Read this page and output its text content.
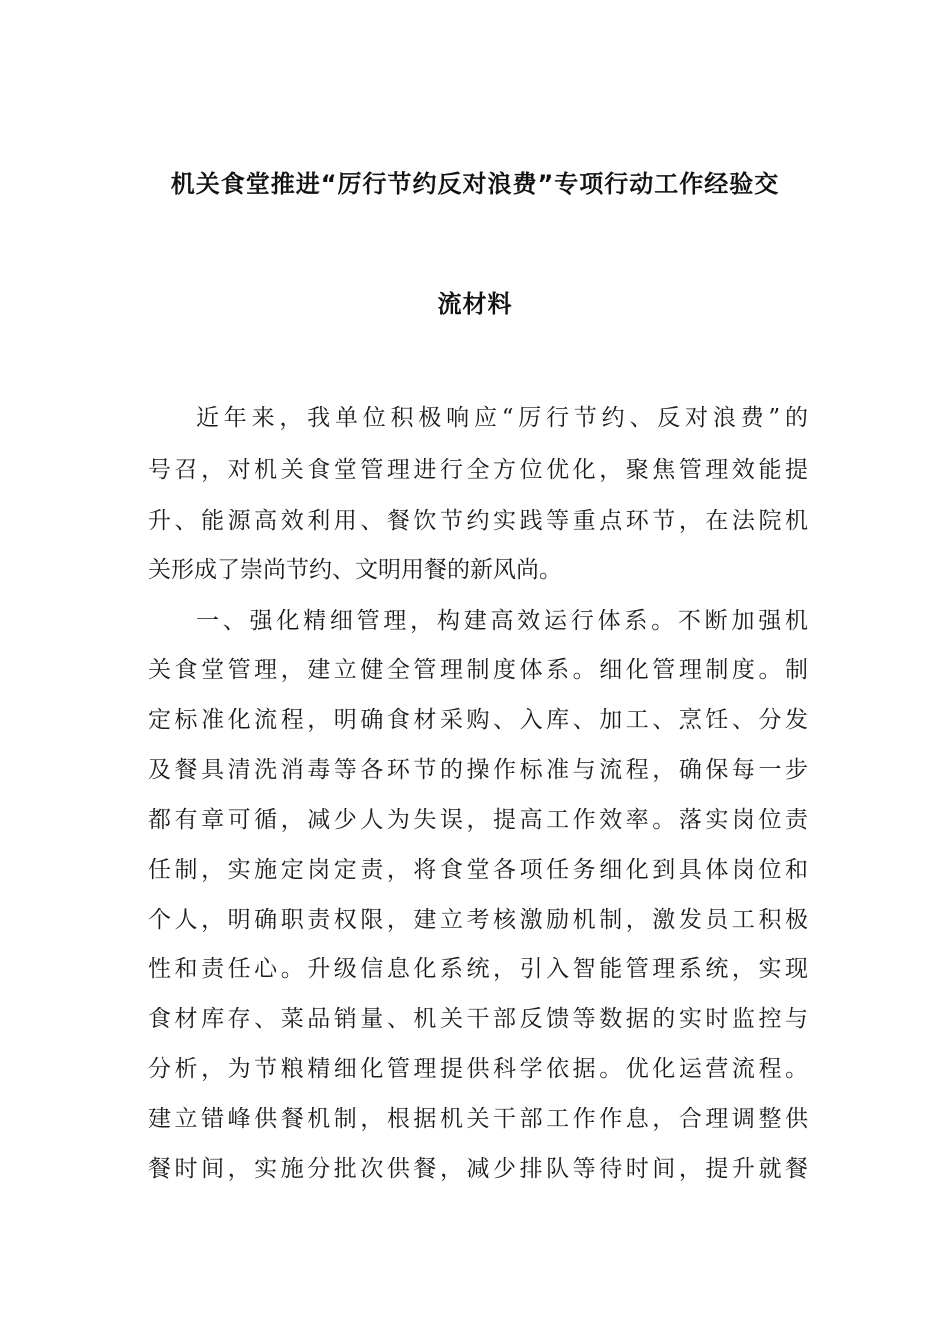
机关食堂推进“厉行节约反对浪费”专项行动工作经验交
流材料
近年来，我单位积极响应“厉行节约、反对浪费”的
号召，对机关食堂管理进行全方位优化，聚焦管理效能提
升、能源高效利用、餐饮节约实践等重点环节，在法院机
关形成了崇尚节约、文明用餐的新风尚。
一、强化精细管理，构建高效运行体系。不断加强机
关食堂管理，建立健全管理制度体系。细化管理制度。制
定标准化流程，明确食材采购、入库、加工、烹饪、分发
及餐具清洗消毒等各环节的操作标准与流程，确保每一步
都有章可循，减少人为失误，提高工作效率。落实岗位责
任制，实施定岗定责，将食堂各项任务细化到具体岗位和
个人，明确职责权限，建立考核激励机制，激发员工积极
性和责任心。升级信息化系统，引入智能管理系统，实现
食材库存、菜品销量、机关干部反馈等数据的实时监控与
分析，为节粮精细化管理提供科学依据。优化运营流程。
建立错峰供餐机制，根据机关干部工作作息，合理调整供
餐时间，实施分批次供餐，减少排队等待时间，提升就餐
